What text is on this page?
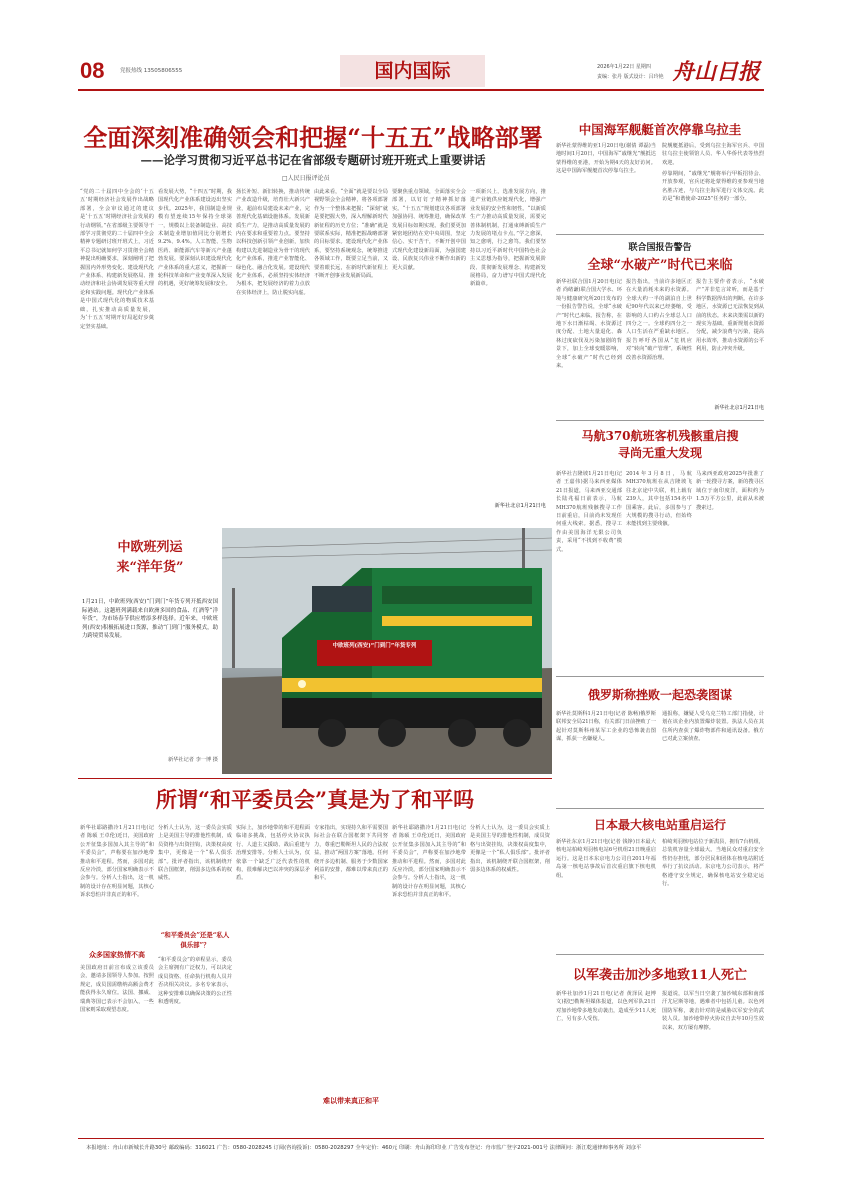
08	党报热线 13505806555	国内国际	2026年1月22日 星期四
责编：张丹 版式设计：吕玲艳 舟山日报
全面深刻准确领会和把握“十五五”战略部署
——论学习贯彻习近平总书记在省部级专题研讨班开班式上重要讲话
□人民日报评论员
“党的二十届四中全会的‘十五五’时期经济社会发展作出战略部署，全会审议通过的建议是‘十五五’时期经济社会发展的行动纲领。”在省部级主要领导干部学习贯彻党的二十届四中全会精神专题研讨班开班式上，习近平总书记就如何学习贯彻全会精神提出明确要求，深刻阐明了把握国内外形势变化、建设现代化产业体系、构建新发展格局、推动经济和社会协调发展等重大理论和实践问题。现代化产业体系是中国式现代化的物质技术基础，扎实推动高质量发展，为‘十五五’时期开好局起好步奠定坚实基础。
看发展大势，“十四五”时期，我国现代化产业体系建设迈出坚实步伐。2025年，我国制造业规模有望连续15年保持全球第一，规模以上装备制造业、高技术制造业增加值同比分别增长9.2%、9.4%。人工智能、生物医药、新能源汽车等新兴产业蓬勃发展。要深刻认识建设现代化产业体系的重大意义，把握新一轮科技革命和产业变革深入发展的机遇，更好统筹发展和安全。
扬长补短、新旧转换，推动传统产业改造升级，培育壮大新兴产业，超前布局建设未来产业，完善现代化基础设施体系。发展新质生产力，是推动高质量发展的内在要求和重要着力点。要坚持以科技创新引领产业创新，加快构建以先进制造业为骨干的现代化产业体系，推进产业智能化、绿色化、融合化发展。建设现代化产业体系，必须坚持实体经济为根本，把发展经济的着力点放在实体经济上，防止脱实向虚。
由此来看，“全面”就是要以全局视野领会全会精神，将各项部署作为一个整体来把握；“深刻”就是要把握大势，深入理解新时代新征程的历史方位；“准确”就是要联系实际，精准把握战略部署的目标要求。建设现代化产业体系，要坚持系统观念，统筹推进各领域工作，既要立足当前，又要着眼长远，在新时代新征程上不断开创事业发展新局面。
要聚焦重点领域，全面落实全会部署，以钉钉子精神抓好落实。“十五五”规划建议各项部署加强协同、统筹推进，确保改革发展目标如期实现。我们要更加紧密地团结在党中央周围，坚定信心、实干苦干，不断开创中国式现代化建设新局面，为强国建设、民族复兴伟业不断作出新的更大贡献。
一项新兴上，选准发展方向，推进产业链供应链现代化，增强产业发展的安全性和韧性。“以新质生产力推动高质量发展，需要完善体制机制，打通束缚新质生产力发展的堵点卡点。”学之愈深，知之愈明，行之愈笃。我们要坚持以习近平新时代中国特色社会主义思想为指导，把握新发展阶段、贯彻新发展理念、构建新发展格局，奋力谱写中国式现代化新篇章。
新华社北京1月21日电
中国海军舰艇首次停靠乌拉圭
新华社蒙得维的亚1月20日电(谢倩 谭磊)当地时间1月20日，中国海军“戚继光”舰抵达蒙得维的亚港，开始为期4天的友好访问。这是中国海军舰艇首次停靠乌拉圭。
院舰艇抵港后，受到乌拉圭海军官兵、中国驻乌拉圭使领馆人员、华人华侨代表等热烈欢迎。
停靠期间，“戚继光”舰将举行甲板招待会、开放参观，官兵还将赴蒙得维的亚参观当地名胜古迹，与乌拉圭海军进行文体交流。此访是“和谐使命-2025”任务的一部分。
联合国报告警告
全球“水破产”时代已来临
新华社联合国1月20日电(记者 尚绪谦)联合国大学水、环境与健康研究所20日发布的一份报告警告说，全球“水破产”时代已来临。报告称，在地下水日渐枯竭、水资源过度分配、土地大量退化、森林过度砍伐及污染加剧的背景下，加上全球变暖影响，全球“水破产”时代已经到来。
报告指出，当前许多地区正在大量消耗未来的水资源。全球大约一半的湖泊自上世纪90年代以来已经萎缩，受影响的人口约占全球总人口四分之一。全球约四分之一人口生活在严重缺水地区。报告呼吁各国从“危机应对”转向“破产管理”，系统性改善水资源治理。
报告主要作者表示，“水破产”并非危言耸听，而是基于科学数据得出的判断。在许多地区，水资源已无法恢复到从前的状态。未来决策需以新的现实为基础，重新规划水资源分配，减少浪费与污染，提高用水效率，推动水资源的公平利用，防止冲突升级。
新华社北京1月21日电
马航370航班客机残骸重启搜寻尚无重大发现
新华社吉隆坡1月21日电(记者 王嘉伟)据马来西亚媒体21日报道，马来西亚交通部长陆兆福日前表示，马航MH370航班残骸搜寻工作日前重启，目前尚未发现任何重大线索。据悉，搜寻工作由美国海洋无限公司负责，采用“不找到不收费”模式。
2014年3月8日，马航MH370航班在从吉隆坡飞往北京途中失联，机上载有239人，其中包括154名中国乘客。此后，多国参与了大规模的搜寻行动，但始终未能找到主要残骸。
马来西亚政府2025年批准了新一轮搜寻方案，新的搜寻区域位于南印度洋，面积约为1.5万平方公里，此前从未被搜索过。
中欧班列运来“洋年货”
1月21日，中欧班列(西安)“门到门”年货专列开抵西安国际港站。这趟班列满载来自欧洲多国的食品、红酒等“洋年货”，为市场春节供应增添多样选择。近年来，中欧班列(西安)积极拓展进口货源，推动“门到门”服务模式，助力跨境贸易发展。
新华社记者 李一博 摄
中欧班列(西安)“门到门”年货专列
俄罗斯称挫败一起恐袭图谋
新华社莫斯科1月21日电(记者 陈畅)俄罗斯联邦安全局21日称，有关部门日前挫败了一起针对莫斯科州某军工企业的恐怖袭击图谋，抓获一名嫌疑人。
通报称，嫌疑人受乌克兰特工部门指使，计划在该企业内放置爆炸装置。执法人员在其住所内查获了爆炸物部件和通讯设备。俄方已对此立案侦查。
所谓“和平委员会”真是为了和平吗
新华社耶路撒冷1月21日电(记者 陈硕 王卓伦)近日，美国政府公开征集多国加入其主导的“和平委员会”，声称要在加沙地带推动和平进程。然而，多国对此反应冷淡，部分国家明确表示不会参与。分析人士指出，这一机制的设计存在明显问题，其核心诉求恐怕并非真正的和平。
众多国家热情不高
美国政府日前宣布成立该委员会，邀请多国领导人参加。按照规定，成员国需缴纳高额会费才能获得永久席位。法国、挪威、瑞典等国已表示不会加入，一些国家则采取观望态度。
分析人士认为，这一委员会实质上是美国主导的排他性机制，成员资格与出资挂钩，决策权高度集中，更像是一个“私人俱乐部”。批评者指出，该机制绕开联合国框架，削弱多边体系的权威性。
“和平委员会”还是“私人俱乐部”？
“和平委员会”的章程显示，委员会主席拥有广泛权力，可以决定成员资格、任命执行机构人员并否决相关决议。多名专家表示，这种安排难以确保决策的公正性和透明度。
实际上，加沙地带的和平进程面临诸多挑战，包括停火协议执行、人道主义援助、战后重建与治理安排等。分析人士认为，仅依靠一个缺乏广泛代表性的机构，很难解决巴以冲突的深层矛盾。
专家指出，实现持久和平需要国际社会在联合国框架下共同努力，尊重巴勒斯坦人民的合法权益，推动“两国方案”落地。任何绕开多边机制、服务于少数国家利益的安排，都难以带来真正的和平。
难以带来真正和平
新华社耶路撒冷1月21日电(记者 陈硕 王卓伦)近日，美国政府公开征集多国加入其主导的“和平委员会”，声称要在加沙地带推动和平进程。然而，多国对此反应冷淡，部分国家明确表示不会参与。分析人士指出，这一机制的设计存在明显问题，其核心诉求恐怕并非真正的和平。
分析人士认为，这一委员会实质上是美国主导的排他性机制，成员资格与出资挂钩，决策权高度集中，更像是一个“私人俱乐部”。批评者指出，该机制绕开联合国框架，削弱多边体系的权威性。
日本最大核电站重启运行
新华社东京1月21日电(记者 钱铮)日本最大核电站柏崎刈羽核电站6号机组21日晚重启运行。这是日本东京电力公司自2011年福岛第一核电站事故后首次重启旗下核电机组。
柏崎刈羽核电站位于新潟县，拥有7台机组，总装机容量全球最大。当地民众对重启安全性仍存担忧，部分居民和团体在核电站附近举行了抗议活动。东京电力公司表示，将严格遵守安全规定，确保核电站安全稳定运行。
以军袭击加沙多地致11人死亡
新华社加沙1月21日电(记者 黄泽民 赵博文)据巴勒斯坦媒体报道，以色列军队21日对加沙地带多地发动袭击，造成至少11人死亡，另有多人受伤。
报道说，以军当日空袭了加沙城东部和南部汗尤尼斯等地，遇难者中包括儿童。以色列国防军称，袭击针对的是威胁以军安全的武装人员。加沙地带停火协议自去年10月生效以来，双方屡有摩擦。
本报地址：舟山市新城长升路30号 邮政编码：316021 广告：0580-2028245 订阅(咨询投诉)：0580-2028297 全年定价：460元 印刷：舟山海印印业 广告发布登记：舟市监广登字2021-001号 法律顾问：浙江乾通律师事务所 刘彦平
